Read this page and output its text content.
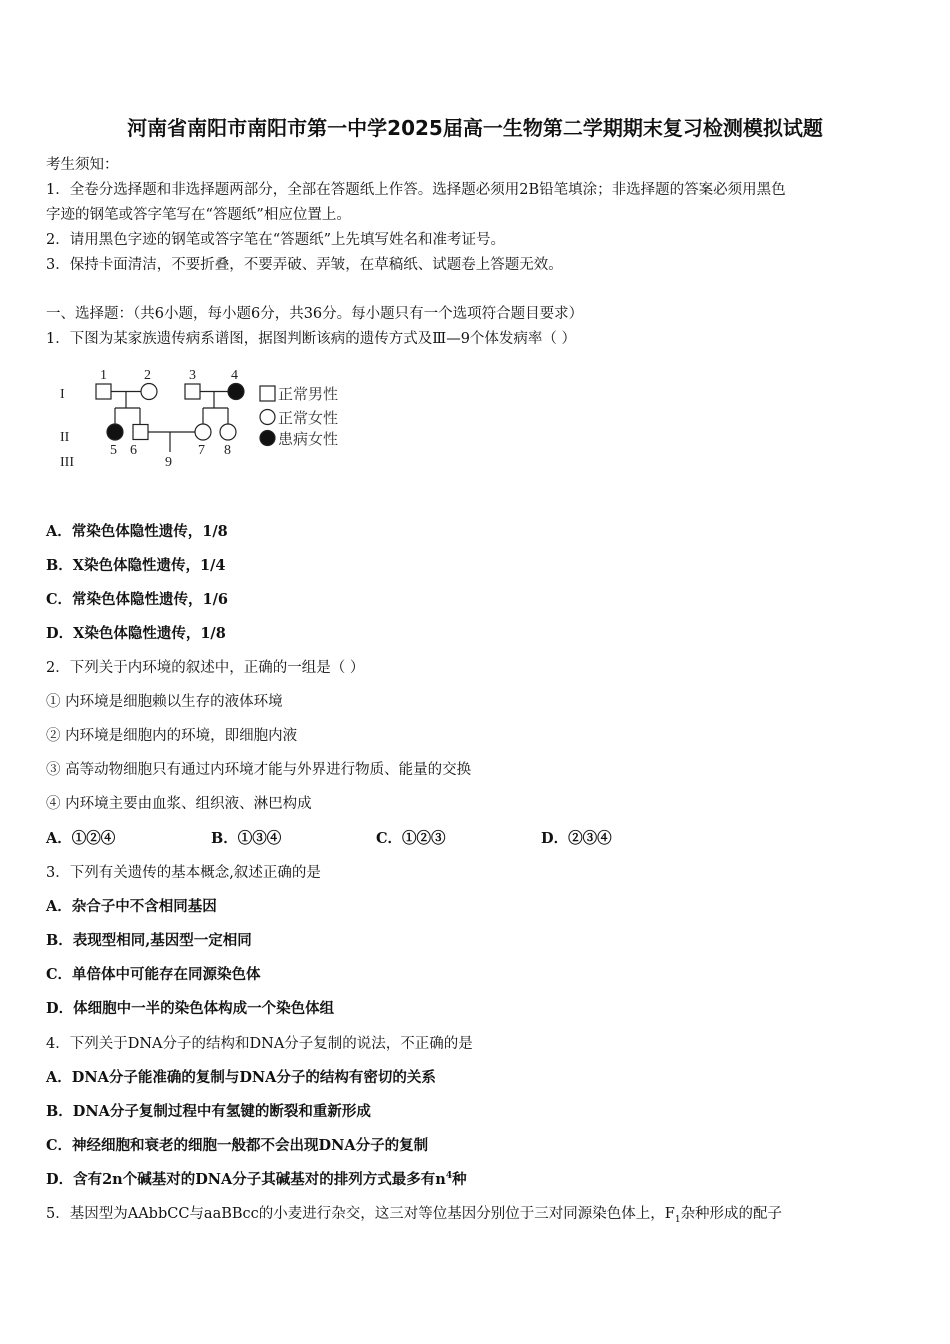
河南省南阳市南阳市第一中学2025届高一生物第二学期期末复习检测模拟试题
考生须知：
1．全卷分选择题和非选择题两部分，全部在答题纸上作答。选择题必须用2B铅笔填涂；非选择题的答案必须用黑色
字迹的钢笔或答字笔写在“答题纸”相应位置上。
2．请用黑色字迹的钢笔或答字笔在“答题纸”上先填写姓名和准考证号。
3．保持卡面清洁，不要折叠，不要弄破、弄皱，在草稿纸、试题卷上答题无效。
一、选择题：（共6小题，每小题6分，共36分。每小题只有一个选项符合题目要求）
1．下图为某家族遗传病系谱图，据图判断该病的遗传方式及Ⅲ—9个体发病率（ ）
I
II
III
1	2	3	4
5 6
9
7 8
正常男性
正常女性
患病女性
A．常染色体隐性遗传，1/8
B．X染色体隐性遗传，1/4
C．常染色体隐性遗传，1/6
D．X染色体隐性遗传，1/8
2．下列关于内环境的叙述中，正确的一组是（ ）
① 内环境是细胞赖以生存的液体环境
② 内环境是细胞内的环境，即细胞内液
③ 高等动物细胞只有通过内环境才能与外界进行物质、能量的交换
④ 内环境主要由血浆、组织液、淋巴构成
A．①②④	B．①③④	C．①②③	D．②③④
3．下列有关遗传的基本概念,叙述正确的是
A．杂合子中不含相同基因
B．表现型相同,基因型一定相同
C．单倍体中可能存在同源染色体
D．体细胞中一半的染色体构成一个染色体组
4．下列关于DNA分子的结构和DNA分子复制的说法，不正确的是
A．DNA分子能准确的复制与DNA分子的结构有密切的关系
B．DNA分子复制过程中有氢键的断裂和重新形成
C．神经细胞和衰老的细胞一般都不会出现DNA分子的复制
D．含有2n个碱基对的DNA分子其碱基对的排列方式最多有$n^4$种
5．基因型为AAbbCC与aaBBcc的小麦进行杂交，这三对等位基因分别位于三对同源染色体上，$F_1$杂种形成的配子
